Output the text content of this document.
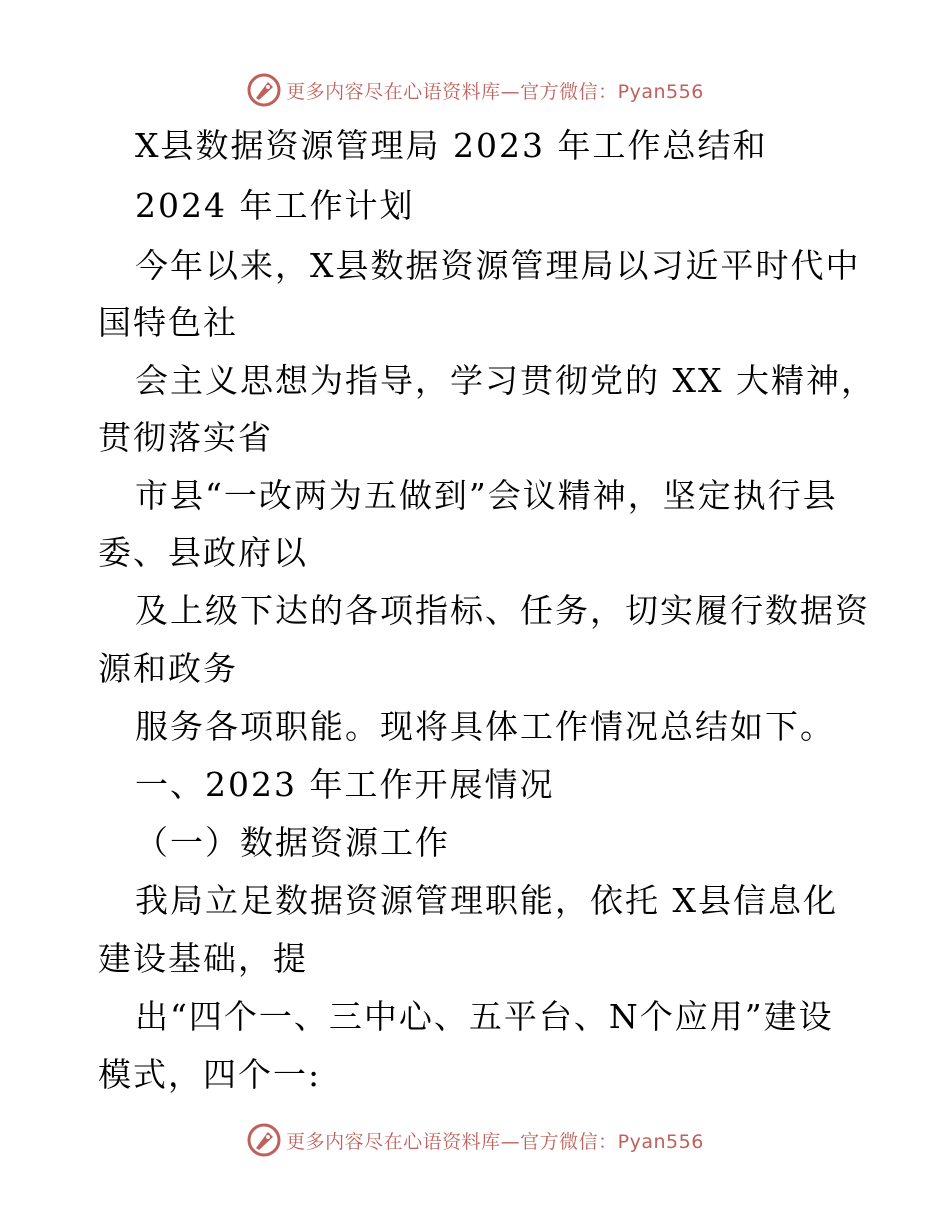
更多内容尽在心语资料库—官方微信：Pyan556
X县数据资源管理局 2023 年工作总结和
2024 年工作计划
今年以来，X县数据资源管理局以习近平时代中
国特色社
会主义思想为指导，学习贯彻党的 XX 大精神，
贯彻落实省
市县“一改两为五做到”会议精神，坚定执行县
委、县政府以
及上级下达的各项指标、任务，切实履行数据资
源和政务
服务各项职能。现将具体工作情况总结如下。
一、2023 年工作开展情况
（一）数据资源工作
我局立足数据资源管理职能，依托 X县信息化
建设基础，提
出“四个一、三中心、五平台、N个应用”建设
模式，四个一:
更多内容尽在心语资料库—官方微信：Pyan556
